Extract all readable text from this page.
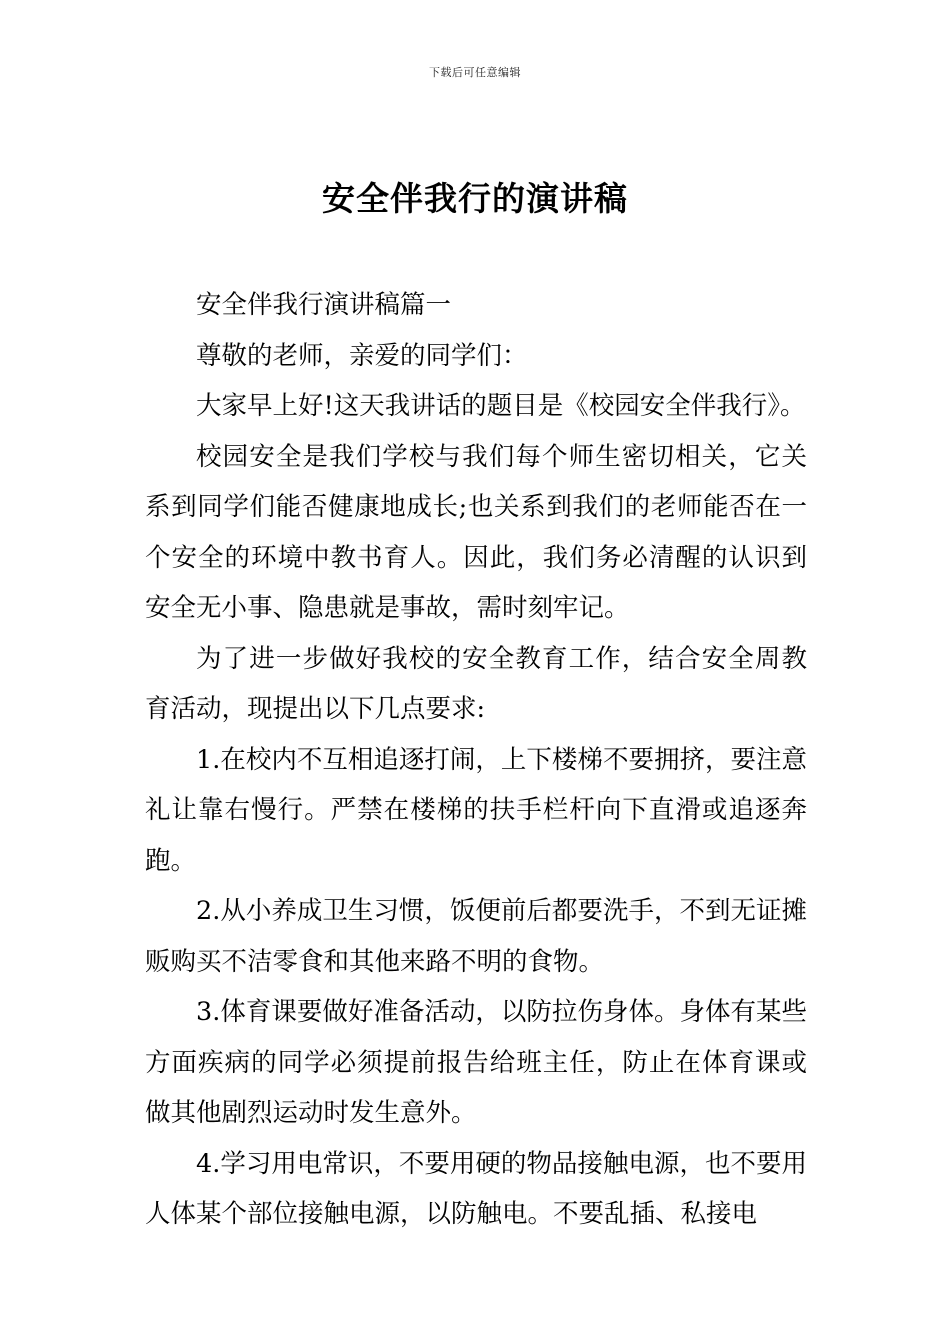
下载后可任意编辑
安全伴我行的演讲稿

安全伴我行演讲稿篇一

尊敬的老师，亲爱的同学们：

大家早上好!这天我讲话的题目是《校园安全伴我行》。

校园安全是我们学校与我们每个师生密切相关，它关系到同学们能否健康地成长;也关系到我们的老师能否在一个安全的环境中教书育人。因此，我们务必清醒的认识到安全无小事、隐患就是事故，需时刻牢记。

为了进一步做好我校的安全教育工作，结合安全周教育活动，现提出以下几点要求:

1.在校内不互相追逐打闹，上下楼梯不要拥挤，要注意礼让靠右慢行。严禁在楼梯的扶手栏杆向下直滑或追逐奔跑。

2.从小养成卫生习惯，饭便前后都要洗手，不到无证摊贩购买不洁零食和其他来路不明的食物。

3.体育课要做好准备活动，以防拉伤身体。身体有某些方面疾病的同学必须提前报告给班主任，防止在体育课或做其他剧烈运动时发生意外。

4.学习用电常识，不要用硬的物品接触电源，也不要用人体某个部位接触电源，以防触电。不要乱插、私接电
